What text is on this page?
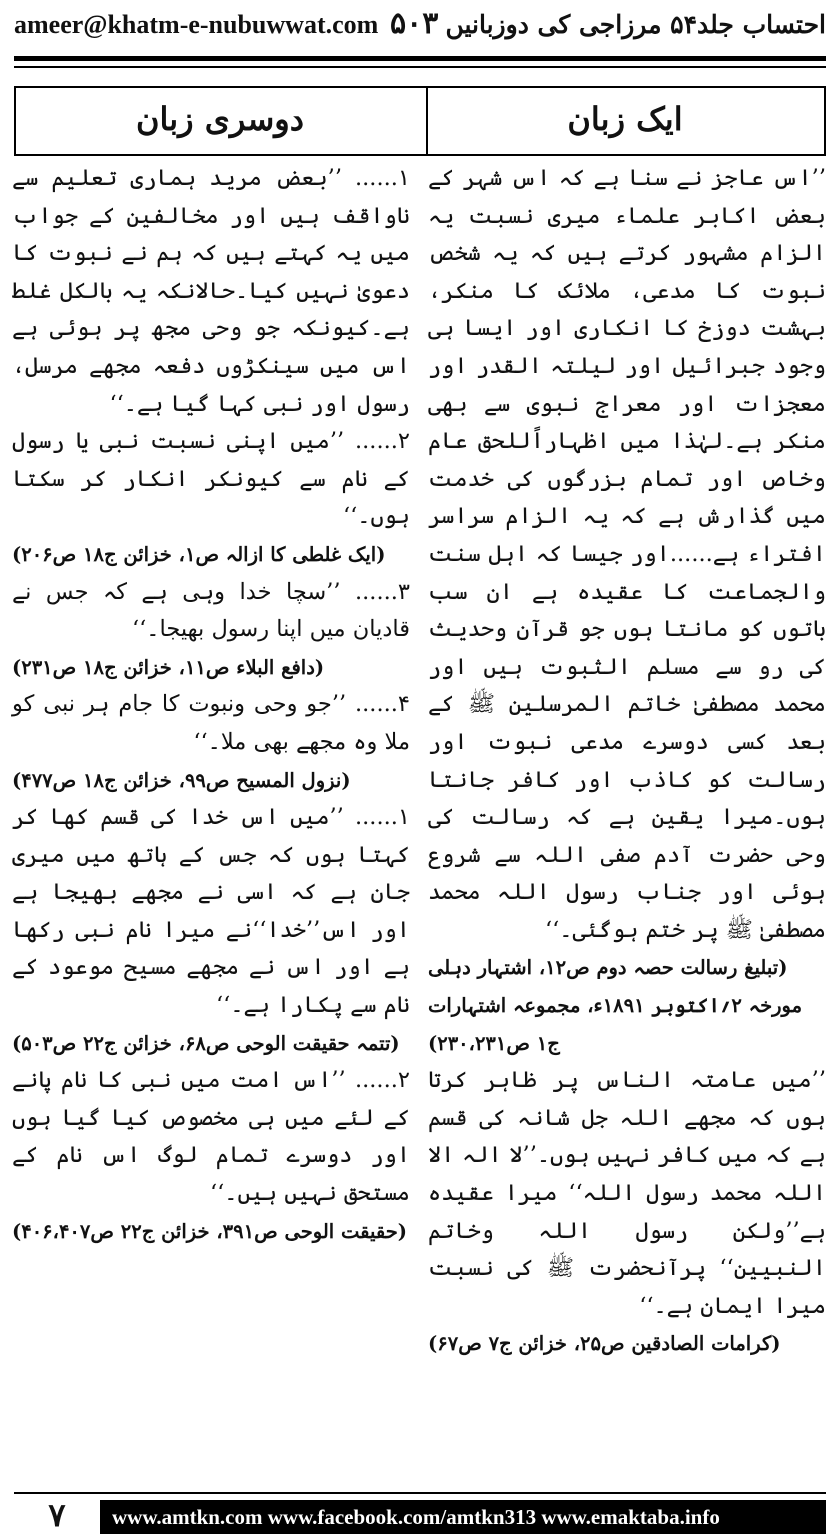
ameer@khatm-e-nubuwwat.com ۵۰۳ احتساب جلد۵۴ مرزاجی کی دوزبانیں
ایک زبان
دوسری زبان

’’اس عاجز نے سنا ہے کہ اس شہر کے بعض اکابر علماء میری نسبت یہ الزام مشہور کرتے ہیں کہ یہ شخص نبوت کا مدعی، ملائک کا منکر، بہشت دوزخ کا انکاری اور ایسا ہی وجود جبرائیل اور لیلتہ القدر اور معجزات اور معراج نبوی سے بھی منکر ہے۔لہٰذا میں اظہاراًللحق عام وخاص اور تمام بزرگوں کی خدمت میں گذارش ہے کہ یہ الزام سراسر افتراء ہے......اور جیسا کہ اہل سنت والجماعت کا عقیدہ ہے ان سب باتوں کو مانتا ہوں جو قرآن وحدیث کی رو سے مسلم الثبوت ہیں اور محمد مصطفیٰ خاتم المرسلین ﷺ کے بعد کسی دوسرے مدعی نبوت اور رسالت کو کاذب اور کافر جانتا ہوں۔میرا یقین ہے کہ رسالت کی وحی حضرت آدم صفی اللہ سے شروع ہوئی اور جناب رسول اللہ محمد مصطفیٰ ﷺ پر ختم ہوگئی۔‘‘

(تبلیغ رسالت حصہ دوم ص۱۲، اشتہار دہلی مورخہ ۲؍اکتوبر ۱۸۹۱ء، مجموعہ اشتہارات ج۱ ص۲۳۰،۲۳۱)

’’میں عامتہ الناس پر ظاہر کرتا ہوں کہ مجھے اللہ جل شانہ کی قسم ہے کہ میں کافر نہیں ہوں۔’’لا الہ الا اللہ محمد رسول اللہ‘‘ میرا عقیدہ ہے’’ولکن رسول اللہ وخاتم النبیین‘‘ پرآنحضرت ﷺ کی نسبت میرا ایمان ہے۔‘‘

(کرامات الصادقین ص۲۵، خزائن ج۷ ص۶۷)

۱...... ’’بعض مرید ہماری تعلیم سے ناواقف ہیں اور مخالفین کے جواب میں یہ کہتے ہیں کہ ہم نے نبوت کا دعویٰ نہیں کیا۔حالانکہ یہ بالکل غلط ہے۔کیونکہ جو وحی مجھ پر ہوئی ہے اس میں سینکڑوں دفعہ مجھے مرسل، رسول اور نبی کہا گیا ہے۔‘‘

۲...... ’’میں اپنی نسبت نبی یا رسول کے نام سے کیونکر انکار کر سکتا ہوں۔‘‘

(ایک غلطی کا ازالہ ص۱، خزائن ج۱۸ ص۲۰۶)

۳...... ’’سچا خدا وہی ہے کہ جس نے قادیان میں اپنا رسول بھیجا۔‘‘

(دافع البلاء ص۱۱، خزائن ج۱۸ ص۲۳۱)

۴...... ’’جو وحی ونبوت کا جام ہر نبی کو ملا وہ مجھے بھی ملا۔‘‘

(نزول المسیح ص۹۹، خزائن ج۱۸ ص۴۷۷)

۱...... ’’میں اس خدا کی قسم کھا کر کہتا ہوں کہ جس کے ہاتھ میں میری جان ہے کہ اسی نے مجھے بھیجا ہے اور اس’’خدا‘‘نے میرا نام نبی رکھا ہے اور اس نے مجھے مسیح موعود کے نام سے پکارا ہے۔‘‘

(تتمہ حقیقت الوحی ص۶۸، خزائن ج۲۲ ص۵۰۳)

۲...... ’’اس امت میں نبی کا نام پانے کے لئے میں ہی مخصوص کیا گیا ہوں اور دوسرے تمام لوگ اس نام کے مستحق نہیں ہیں۔‘‘

(حقیقت الوحی ص۳۹۱، خزائن ج۲۲ ص۴۰۶،۴۰۷)

۷	www.amtkn.com www.facebook.com/amtkn313 www.emaktaba.info
